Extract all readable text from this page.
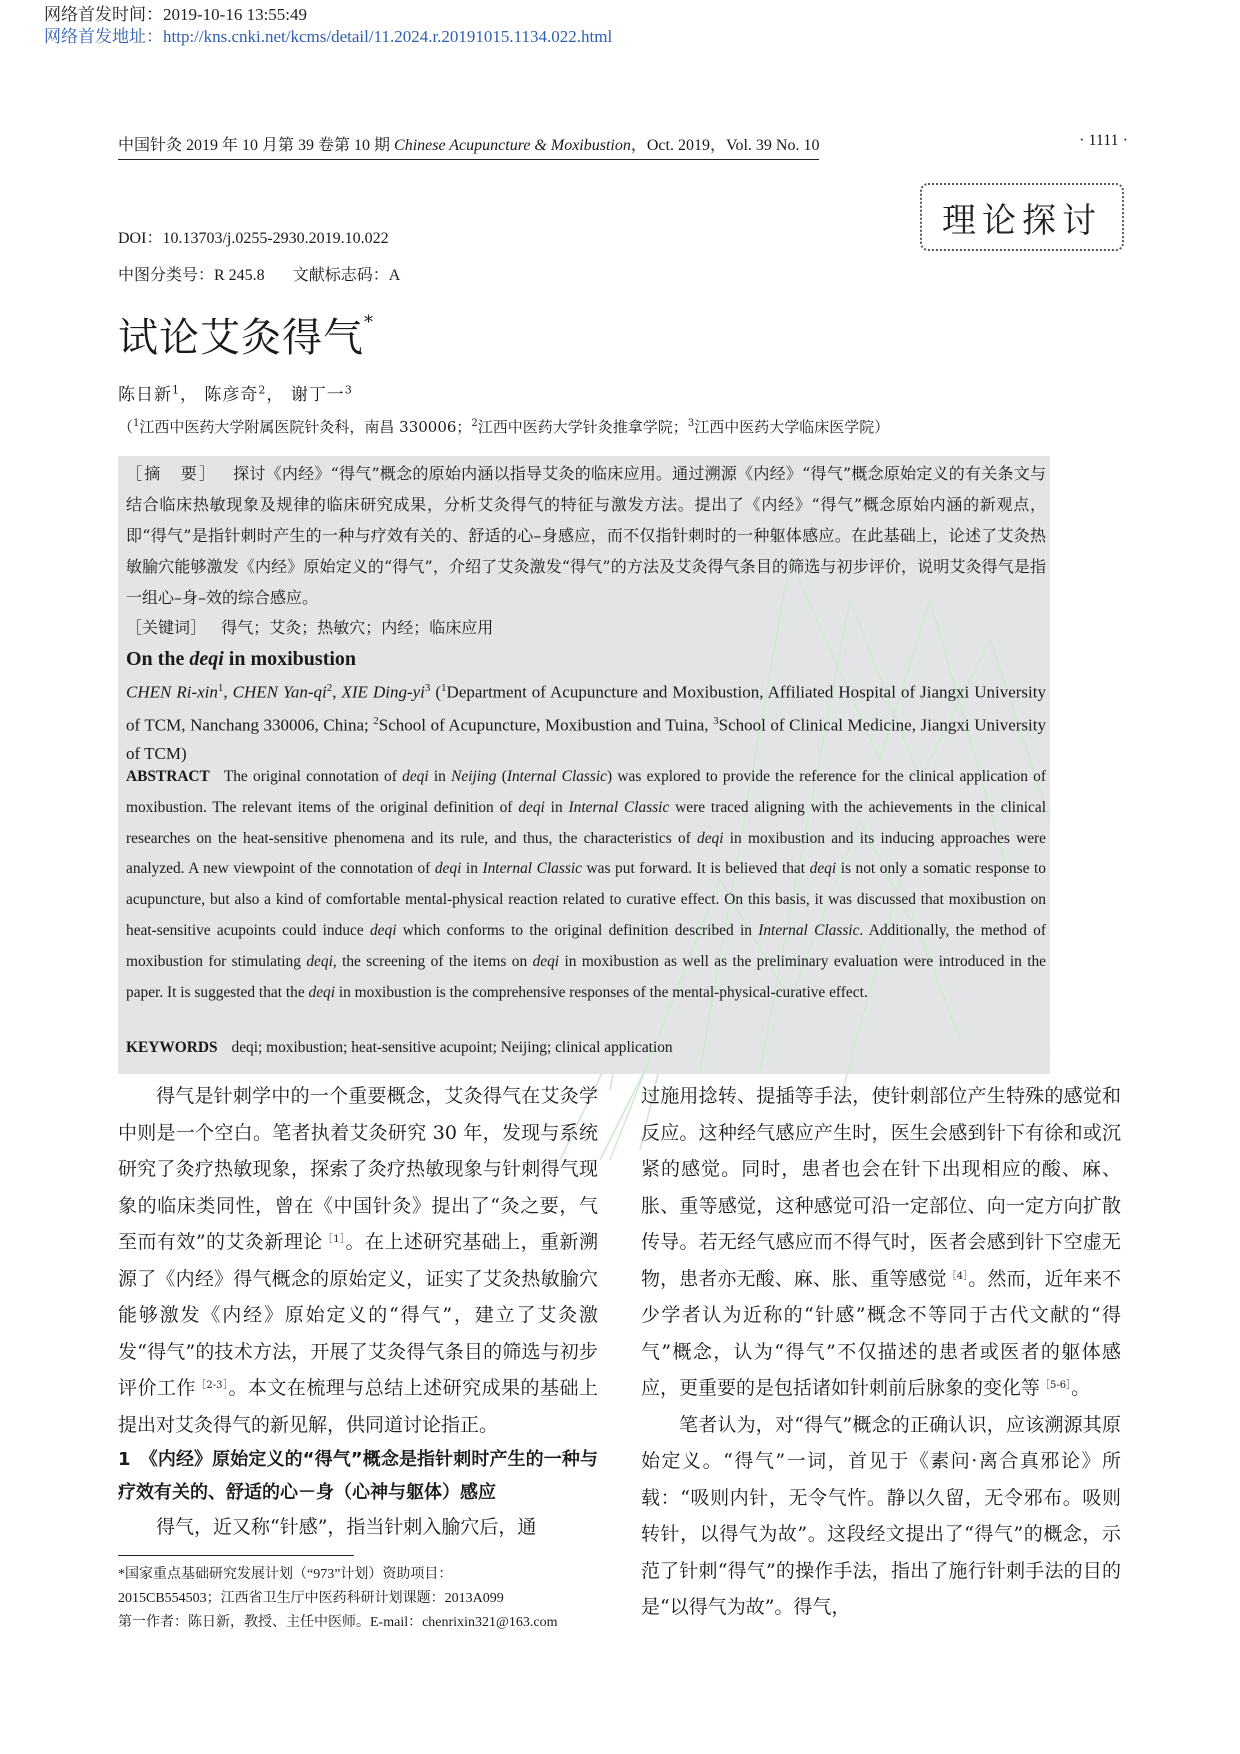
网络首发时间：2019-10-16 13:55:49
网络首发地址：http://kns.cnki.net/kcms/detail/11.2024.r.20191015.1134.022.html
中国针灸 2019 年 10 月第 39 卷第 10 期 Chinese Acupuncture & Moxibustion，Oct. 2019，Vol. 39 No. 10	· 1111 ·
理论探讨
DOI：10.13703/j.0255-2930.2019.10.022
中图分类号：R 245.8 文献标志码：A
试论艾灸得气*
陈日新$^1$， 陈彦奇$^2$， 谢丁一$^3$
（$^1$江西中医药大学附属医院针灸科，南昌 330006；$^2$江西中医药大学针灸推拿学院；$^3$江西中医药大学临床医学院）
［摘　要］ 探讨《内经》“得气”概念的原始内涵以指导艾灸的临床应用。通过溯源《内经》“得气”概念原始定义的有关条文与结合临床热敏现象及规律的临床研究成果，分析艾灸得气的特征与激发方法。提出了《内经》“得气”概念原始内涵的新观点，即“得气”是指针刺时产生的一种与疗效有关的、舒适的心–身感应，而不仅指针刺时的一种躯体感应。在此基础上，论述了艾灸热敏腧穴能够激发《内经》原始定义的“得气”，介绍了艾灸激发“得气”的方法及艾灸得气条目的筛选与初步评价，说明艾灸得气是指一组心–身–效的综合感应。
［关键词］ 得气；艾灸；热敏穴；内经；临床应用
On the deqi in moxibustion
CHEN Ri-xin$^1$, CHEN Yan-$qi^2$, XIE Ding-$yi^3$ ($^1$Department of Acupuncture and Moxibustion, Affiliated Hospital of Jiangxi University of TCM, Nanchang 330006, China; $^2$School of Acupuncture, Moxibustion and Tuina, $^3$School of Clinical Medicine, Jiangxi University of TCM)
ABSTRACT The original connotation of deqi in Neijing (Internal Classic) was explored to provide the reference for the clinical application of moxibustion. The relevant items of the original definition of deqi in Internal Classic were traced aligning with the achievements in the clinical researches on the heat-sensitive phenomena and its rule, and thus, the characteristics of deqi in moxibustion and its inducing approaches were analyzed. A new viewpoint of the connotation of deqi in Internal Classic was put forward. It is believed that deqi is not only a somatic response to acupuncture, but also a kind of comfortable mental-physical reaction related to curative effect. On this basis, it was discussed that moxibustion on heat-sensitive acupoints could induce deqi which conforms to the original definition described in Internal Classic. Additionally, the method of moxibustion for stimulating deqi, the screening of the items on deqi in moxibustion as well as the preliminary evaluation were introduced in the paper. It is suggested that the deqi in moxibustion is the comprehensive responses of the mental-physical-curative effect.
KEYWORDS deqi; moxibustion; heat-sensitive acupoint; Neijing; clinical application

得气是针刺学中的一个重要概念，艾灸得气在艾灸学中则是一个空白。笔者执着艾灸研究 30 年，发现与系统研究了灸疗热敏现象，探索了灸疗热敏现象与针刺得气现象的临床类同性，曾在《中国针灸》提出了“灸之要，气至而有效”的艾灸新理论$^{[1]}$。在上述研究基础上，重新溯源了《内经》得气概念的原始定义，证实了艾灸热敏腧穴能够激发《内经》原始定义的“得气”，建立了艾灸激发“得气”的技术方法，开展了艾灸得气条目的筛选与初步评价工作$^{[2-3]}$。本文在梳理与总结上述研究成果的基础上提出对艾灸得气的新见解，供同道讨论指正。

1　《内经》原始定义的“得气”概念是指针刺时产生的一种与疗效有关的、舒适的心－身（心神与躯体）感应

得气，近又称“针感”，指当针刺入腧穴后，通

过施用捻转、提插等手法，使针刺部位产生特殊的感觉和反应。这种经气感应产生时，医生会感到针下有徐和或沉紧的感觉。同时，患者也会在针下出现相应的酸、麻、胀、重等感觉，这种感觉可沿一定部位、向一定方向扩散传导。若无经气感应而不得气时，医者会感到针下空虚无物，患者亦无酸、麻、胀、重等感觉$^{[4]}$。然而，近年来不少学者认为近称的“针感”概念不等同于古代文献的“得气”概念，认为“得气”不仅描述的患者或医者的躯体感应，更重要的是包括诸如针刺前后脉象的变化等$^{[5-6]}$。

笔者认为，对“得气”概念的正确认识，应该溯源其原始定义。“得气”一词，首见于《素问·离合真邪论》所载：“吸则内针，无令气忤。静以久留，无令邪布。吸则转针，以得气为故”。这段经文提出了“得气”的概念，示范了针刺“得气”的操作手法，指出了施行针刺手法的目的是“以得气为故”。得气，

*国家重点基础研究发展计划（“973”计划）资助项目：

2015CB554503；江西省卫生厅中医药科研计划课题：2013A099

第一作者：陈日新，教授、主任中医师。E-mail：chenrixin321@163.com
